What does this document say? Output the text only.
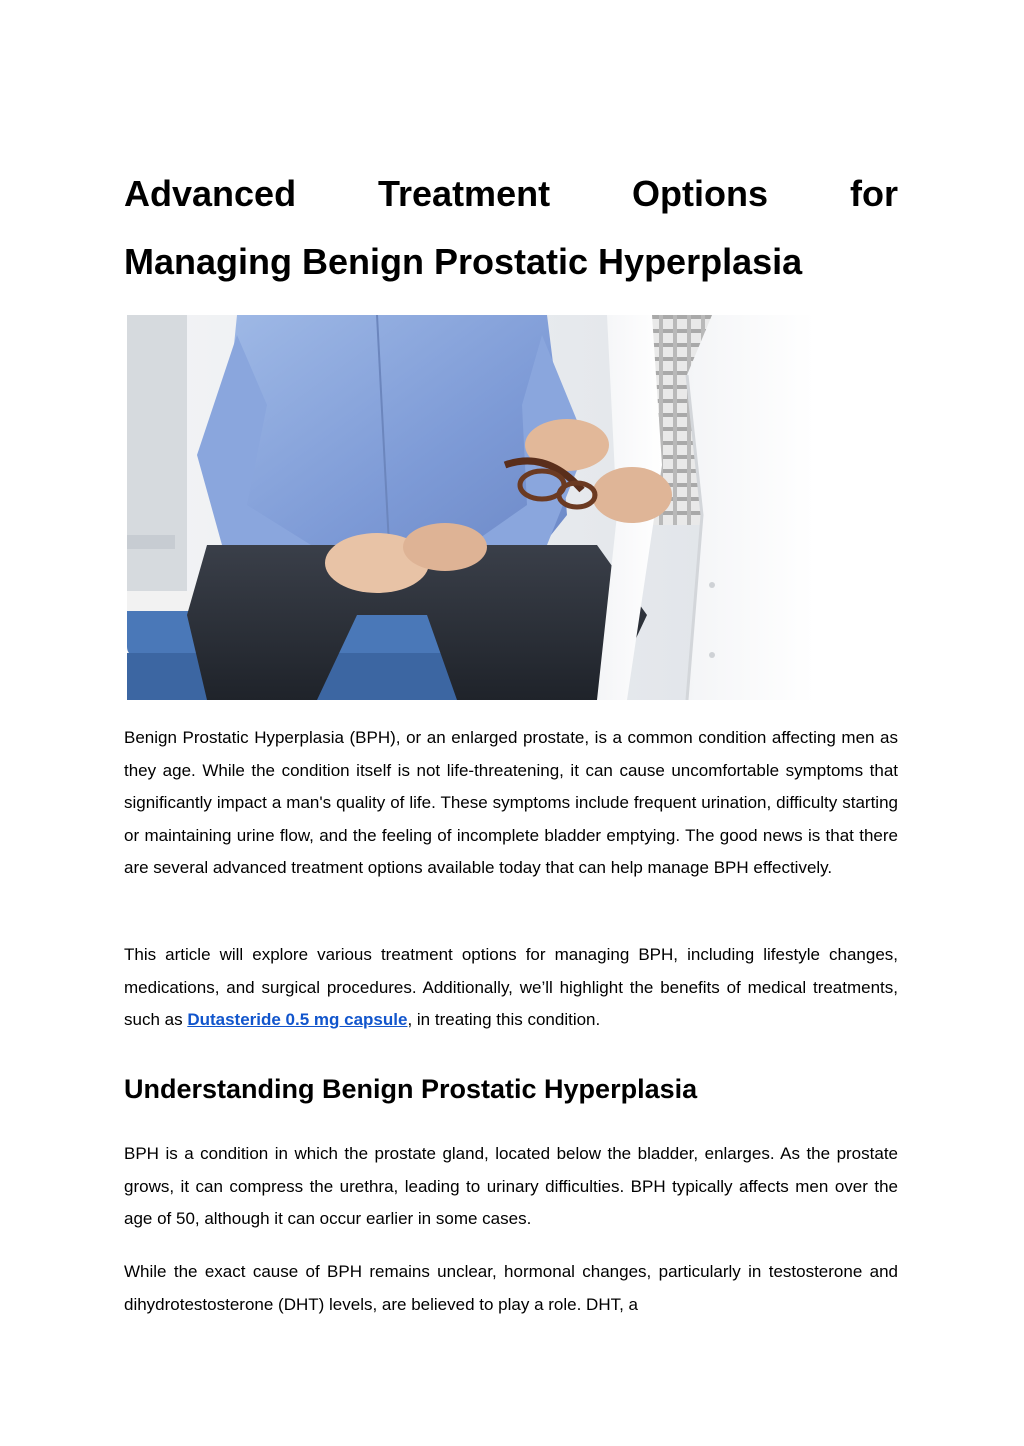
Advanced Treatment Options for
Managing Benign Prostatic Hyperplasia

Benign Prostatic Hyperplasia (BPH), or an enlarged prostate, is a common condition affecting men as they age. While the condition itself is not life-threatening, it can cause uncomfortable symptoms that significantly impact a man's quality of life. These symptoms include frequent urination, difficulty starting or maintaining urine flow, and the feeling of incomplete bladder emptying. The good news is that there are several advanced treatment options available today that can help manage BPH effectively.

This article will explore various treatment options for managing BPH, including lifestyle changes, medications, and surgical procedures. Additionally, we’ll highlight the benefits of medical treatments, such as Dutasteride 0.5 mg capsule, in treating this condition.

Understanding Benign Prostatic Hyperplasia

BPH is a condition in which the prostate gland, located below the bladder, enlarges. As the prostate grows, it can compress the urethra, leading to urinary difficulties. BPH typically affects men over the age of 50, although it can occur earlier in some cases.

While the exact cause of BPH remains unclear, hormonal changes, particularly in testosterone and dihydrotestosterone (DHT) levels, are believed to play a role. DHT, a
